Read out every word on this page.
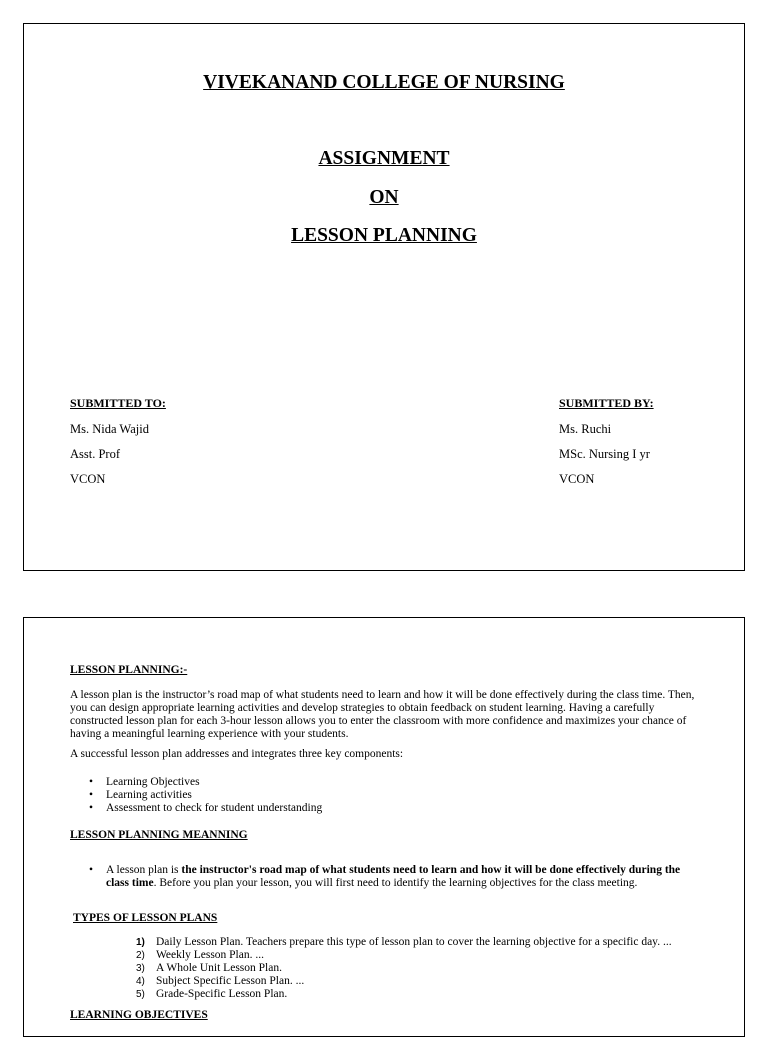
VIVEKANAND COLLEGE OF NURSING
ASSIGNMENT
ON
LESSON PLANNING
SUBMITTED TO:
Ms. Nida Wajid
Asst. Prof
VCON
SUBMITTED BY:
Ms. Ruchi
MSc. Nursing I yr
VCON
LESSON PLANNING:-
A lesson plan is the instructor’s road map of what students need to learn and how it will be done effectively during the class time. Then, you can design appropriate learning activities and develop strategies to obtain feedback on student learning. Having a carefully constructed lesson plan for each 3-hour lesson allows you to enter the classroom with more confidence and maximizes your chance of having a meaningful learning experience with your students.
A successful lesson plan addresses and integrates three key components:
• Learning Objectives
• Learning activities
• Assessment to check for student understanding
LESSON PLANNING MEANNING
• A lesson plan is the instructor's road map of what students need to learn and how it will be done effectively during the class time. Before you plan your lesson, you will first need to identify the learning objectives for the class meeting.
TYPES OF LESSON PLANS
1) Daily Lesson Plan. Teachers prepare this type of lesson plan to cover the learning objective for a specific day. ...
2) Weekly Lesson Plan. ...
3) A Whole Unit Lesson Plan.
4) Subject Specific Lesson Plan. ...
5) Grade-Specific Lesson Plan.
LEARNING OBJECTIVES
